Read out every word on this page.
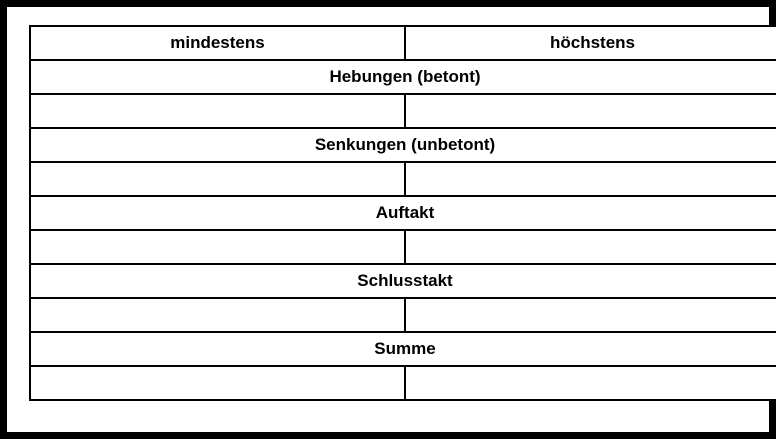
mindestens	höchstens
Hebungen (betont)	

Senkungen (unbetont)	

Auftakt	

Schlusstakt	

Summe	
